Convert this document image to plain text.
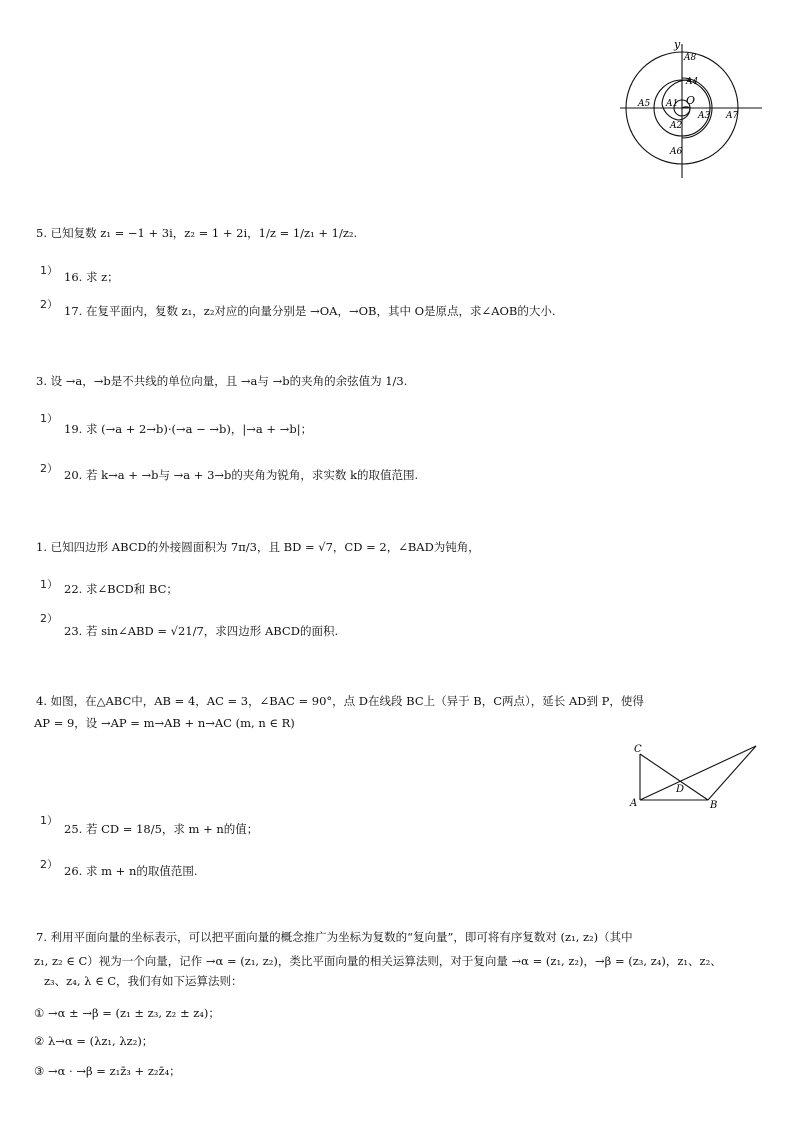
y
O
A8
A4
A5 A1
A3 A7
A2
A6
5. 已知复数 z₁ = −1 + 3i，z₂ = 1 + 2i，1/z = 1/z₁ + 1/z₂.
1） 16. 求 z；
2） 17. 在复平面内，复数 z₁，z₂对应的向量分别是 →OA，→OB，其中 O是原点，求∠AOB的大小.
3. 设 →a，→b是不共线的单位向量，且 →a与 →b的夹角的余弦值为 1/3.
1）
19. 求 (→a + 2→b)·(→a − →b)，|→a + →b|；
2） 20. 若 k→a + →b与 →a + 3→b的夹角为锐角，求实数 k的取值范围.
1. 已知四边形 ABCD的外接圆面积为 7π/3，且 BD = √7，CD = 2，∠BAD为钝角，
1） 22. 求∠BCD和 BC；
2）
23. 若 sin∠ABD = √21/7，求四边形 ABCD的面积.
4. 如图，在△ABC中，AB = 4，AC = 3，∠BAC = 90°，点 D在线段 BC上（异于 B，C两点），延长 AD到 P，使得
AP = 9，设 →AP = m→AB + n→AC (m, n ∈ R)
C
D
A	B
1）
25. 若 CD = 18/5，求 m + n的值；
2） 26. 求 m + n的取值范围.
7. 利用平面向量的坐标表示，可以把平面向量的概念推广为坐标为复数的“复向量”，即可将有序复数对 (z₁, z₂)（其中
z₁, z₂ ∈ C）视为一个向量，记作 →α = (z₁, z₂)，类比平面向量的相关运算法则，对于复向量 →α = (z₁, z₂)，→β = (z₃, z₄)，z₁、z₂、
z₃、z₄, λ ∈ C，我们有如下运算法则：
① →α ± →β = (z₁ ± z₃, z₂ ± z₄)；
② λ→α = (λz₁, λz₂)；
③ →α · →β = z₁z̄₃ + z₂z̄₄；
